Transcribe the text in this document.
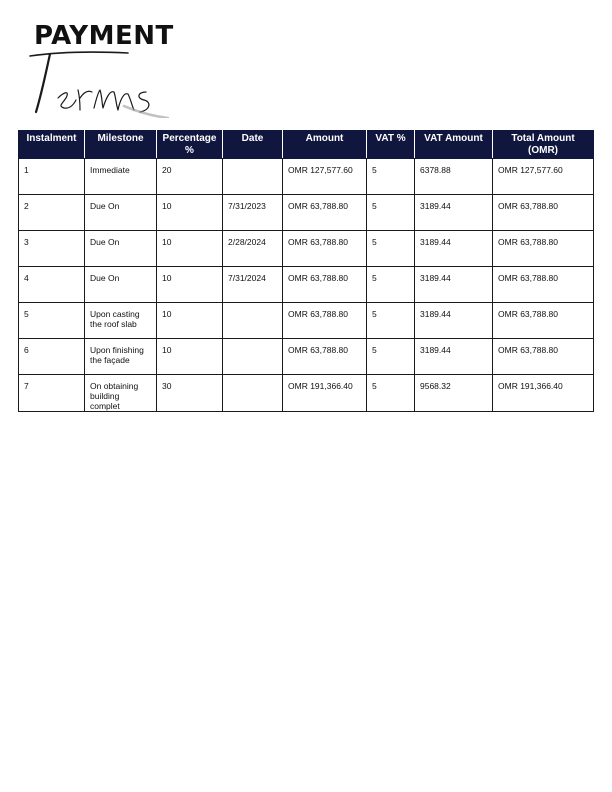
PAYMENT
Instalment	Milestone	Percentage %	Date	Amount	VAT %	VAT Amount	Total Amount (OMR)
1	Immediate	20		OMR 127,577.60	5	6378.88	OMR 127,577.60
2	Due On	10	7/31/2023	OMR 63,788.80	5	3189.44	OMR 63,788.80
3	Due On	10	2/28/2024	OMR 63,788.80	5	3189.44	OMR 63,788.80
4	Due On	10	7/31/2024	OMR 63,788.80	5	3189.44	OMR 63,788.80
5	Upon casting the roof slab	10		OMR 63,788.80	5	3189.44	OMR 63,788.80
6	Upon finishing the façade	10		OMR 63,788.80	5	3189.44	OMR 63,788.80
7	On obtaining building complet	30		OMR 191,366.40	5	9568.32	OMR 191,366.40
